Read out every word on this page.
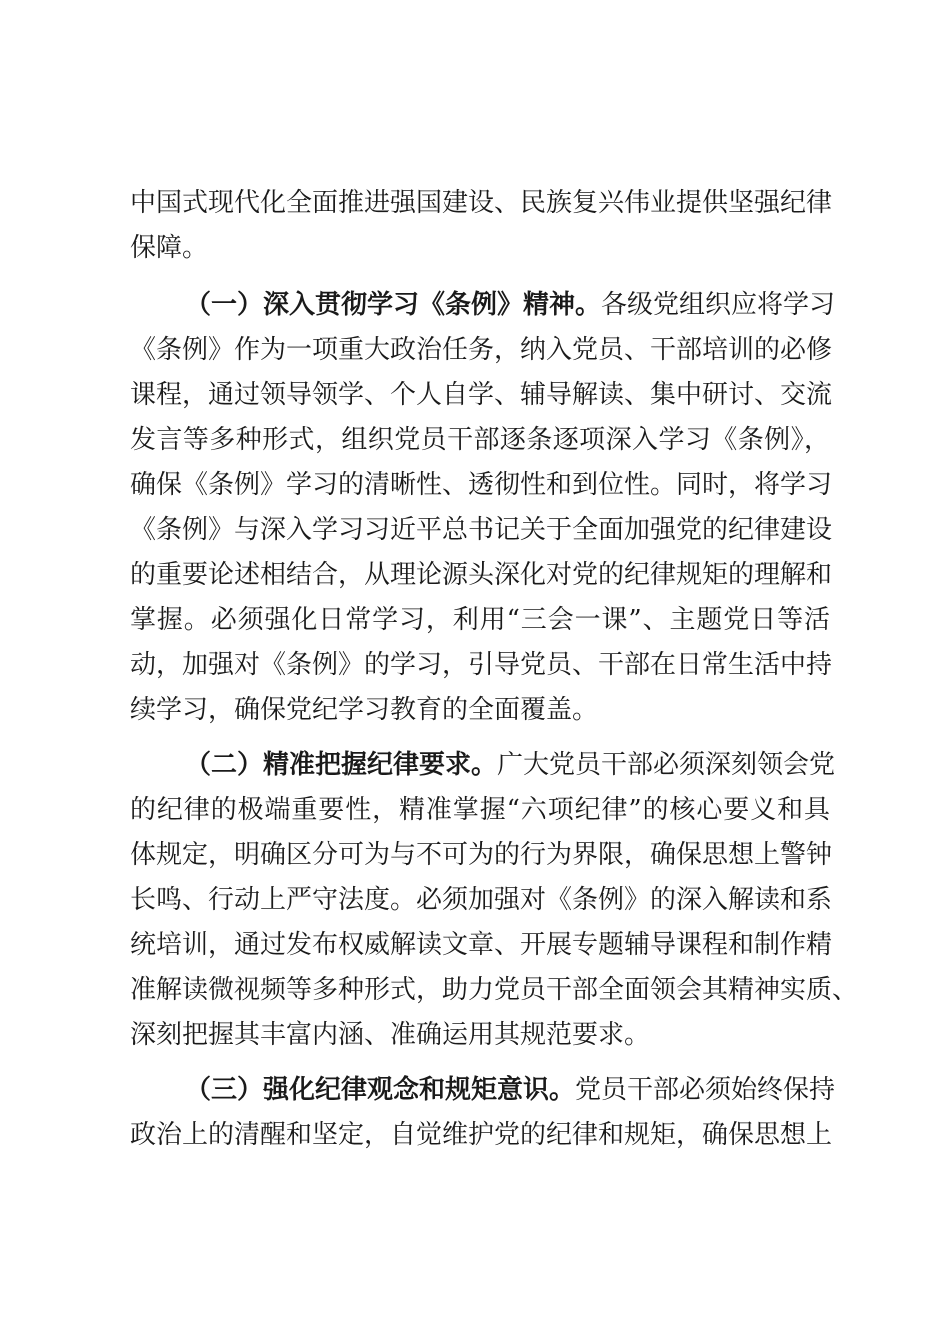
中国式现代化全面推进强国建设、民族复兴伟业提供坚强纪律
保障。
（一）深入贯彻学习《条例》精神。各级党组织应将学习
《条例》作为一项重大政治任务，纳入党员、干部培训的必修
课程，通过领导领学、个人自学、辅导解读、集中研讨、交流
发言等多种形式，组织党员干部逐条逐项深入学习《条例》，
确保《条例》学习的清晰性、透彻性和到位性。同时，将学习
《条例》与深入学习习近平总书记关于全面加强党的纪律建设
的重要论述相结合，从理论源头深化对党的纪律规矩的理解和
掌握。必须强化日常学习，利用“三会一课”、主题党日等活
动，加强对《条例》的学习，引导党员、干部在日常生活中持
续学习，确保党纪学习教育的全面覆盖。
（二）精准把握纪律要求。广大党员干部必须深刻领会党
的纪律的极端重要性，精准掌握“六项纪律”的核心要义和具
体规定，明确区分可为与不可为的行为界限，确保思想上警钟
长鸣、行动上严守法度。必须加强对《条例》的深入解读和系
统培训，通过发布权威解读文章、开展专题辅导课程和制作精
准解读微视频等多种形式，助力党员干部全面领会其精神实质、
深刻把握其丰富内涵、准确运用其规范要求。
（三）强化纪律观念和规矩意识。党员干部必须始终保持
政治上的清醒和坚定，自觉维护党的纪律和规矩，确保思想上
